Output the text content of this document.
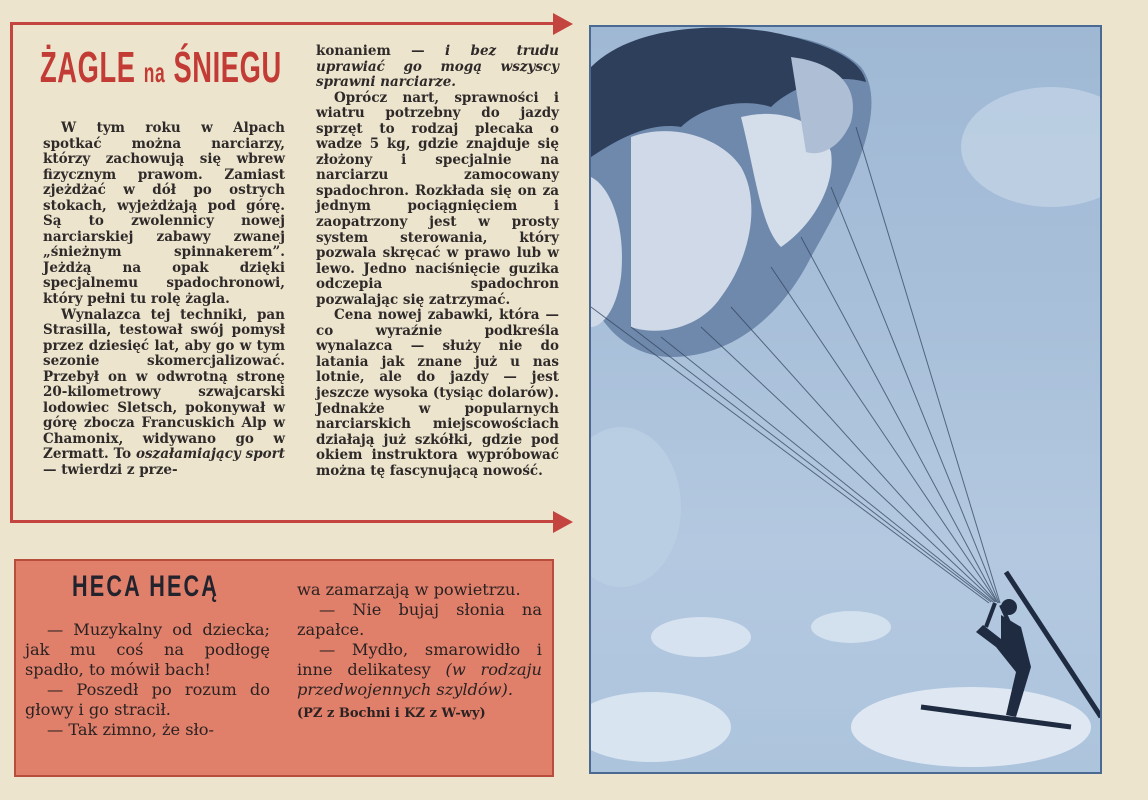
ŻAGLE na ŚNIEGU

W tym roku w Alpach spotkać można narciarzy, którzy zachowują się wbrew fizycznym prawom. Zamiast zjeżdżać w dół po ostrych stokach, wyjeżdżają pod górę. Są to zwolennicy nowej narciarskiej zabawy zwanej „śnieżnym spinnakerem”. Jeżdżą na opak dzięki specjalnemu spadochronowi, który pełni tu rolę żagla.

Wynalazca tej techniki, pan Strasilla, testował swój pomysł przez dziesięć lat, aby go w tym sezonie skomercjalizować. Przebył on w odwrotną stronę 20-kilometrowy szwajcarski lodowiec Sletsch, pokonywał w górę zbocza Francuskich Alp w Chamonix, widywano go w Zermatt. To oszałamiający sport — twierdzi z prze-

konaniem — i bez trudu uprawiać go mogą wszyscy sprawni narciarze.

Oprócz nart, sprawności i wiatru potrzebny do jazdy sprzęt to rodzaj plecaka o wadze 5 kg, gdzie znajduje się złożony i specjalnie na narciarzu zamocowany spadochron. Rozkłada się on za jednym pociągnięciem i zaopatrzony jest w prosty system sterowania, który pozwala skręcać w prawo lub w lewo. Jedno naciśnięcie guzika odczepia spadochron pozwalając się zatrzymać.

Cena nowej zabawki, która — co wyraźnie podkreśla wynalazca — służy nie do latania jak znane już u nas lotnie, ale do jazdy — jest jeszcze wysoka (tysiąc dolarów). Jednakże w popularnych narciarskich miejscowościach działają już szkółki, gdzie pod okiem instruktora wypróbować można tę fascynującą nowość.

HECA HECĄ

— Muzykalny od dziecka; jak mu coś na podłogę spadło, to mówił bach!

— Poszedł po rozum do głowy i go stracił.

— Tak zimno, że sło-

wa zamarzają w powietrzu.

— Nie bujaj słonia na zapałce.

— Mydło, smarowidło i inne delikatesy (w rodzaju przedwojennych szyldów).

(PZ z Bochni i KZ z W-wy)
